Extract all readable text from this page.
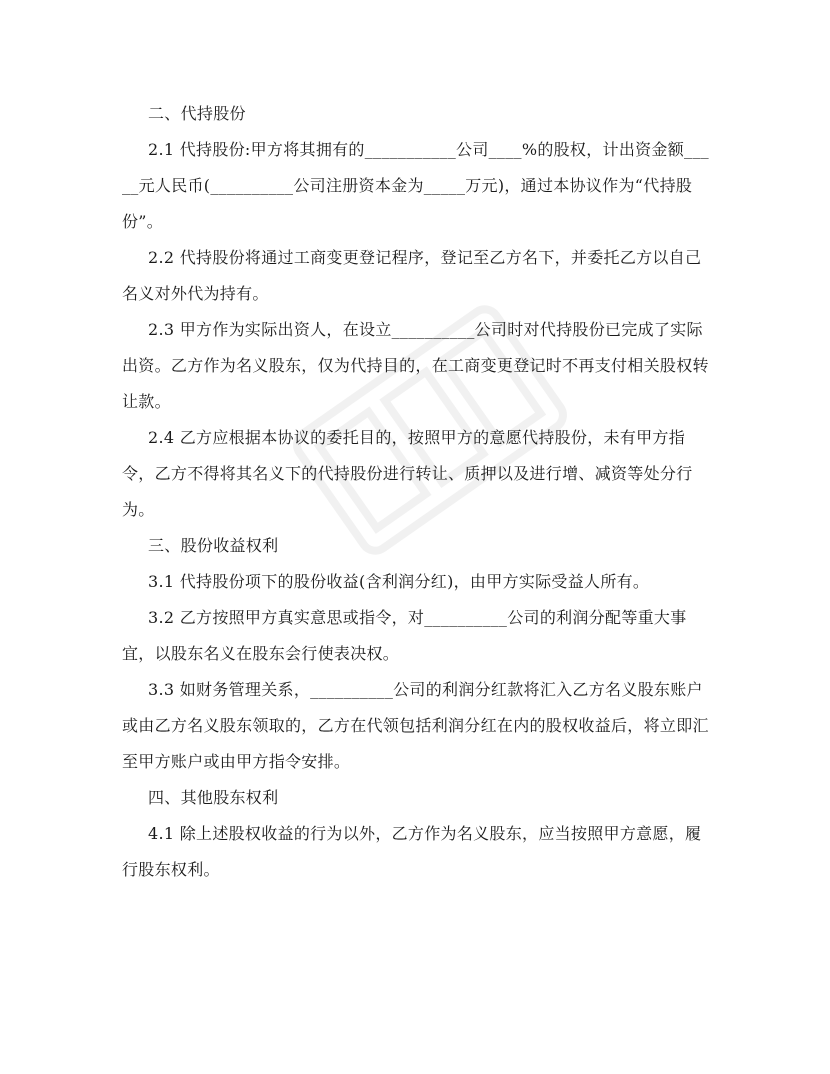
二、代持股份

2.1 代持股份:甲方将其拥有的___________公司____%的股权，计出资金额_____元人民币(__________公司注册资本金为_____万元)，通过本协议作为“代持股份”。

2.2 代持股份将通过工商变更登记程序，登记至乙方名下，并委托乙方以自己名义对外代为持有。

2.3 甲方作为实际出资人，在设立__________公司时对代持股份已完成了实际出资。乙方作为名义股东，仅为代持目的，在工商变更登记时不再支付相关股权转让款。

2.4 乙方应根据本协议的委托目的，按照甲方的意愿代持股份，未有甲方指令，乙方不得将其名义下的代持股份进行转让、质押以及进行增、减资等处分行为。

三、股份收益权利

3.1 代持股份项下的股份收益(含利润分红)，由甲方实际受益人所有。

3.2 乙方按照甲方真实意思或指令，对__________公司的利润分配等重大事宜，以股东名义在股东会行使表决权。

3.3 如财务管理关系，__________公司的利润分红款将汇入乙方名义股东账户或由乙方名义股东领取的，乙方在代领包括利润分红在内的股权收益后，将立即汇至甲方账户或由甲方指令安排。

四、其他股东权利

4.1 除上述股权收益的行为以外，乙方作为名义股东，应当按照甲方意愿，履行股东权利。
